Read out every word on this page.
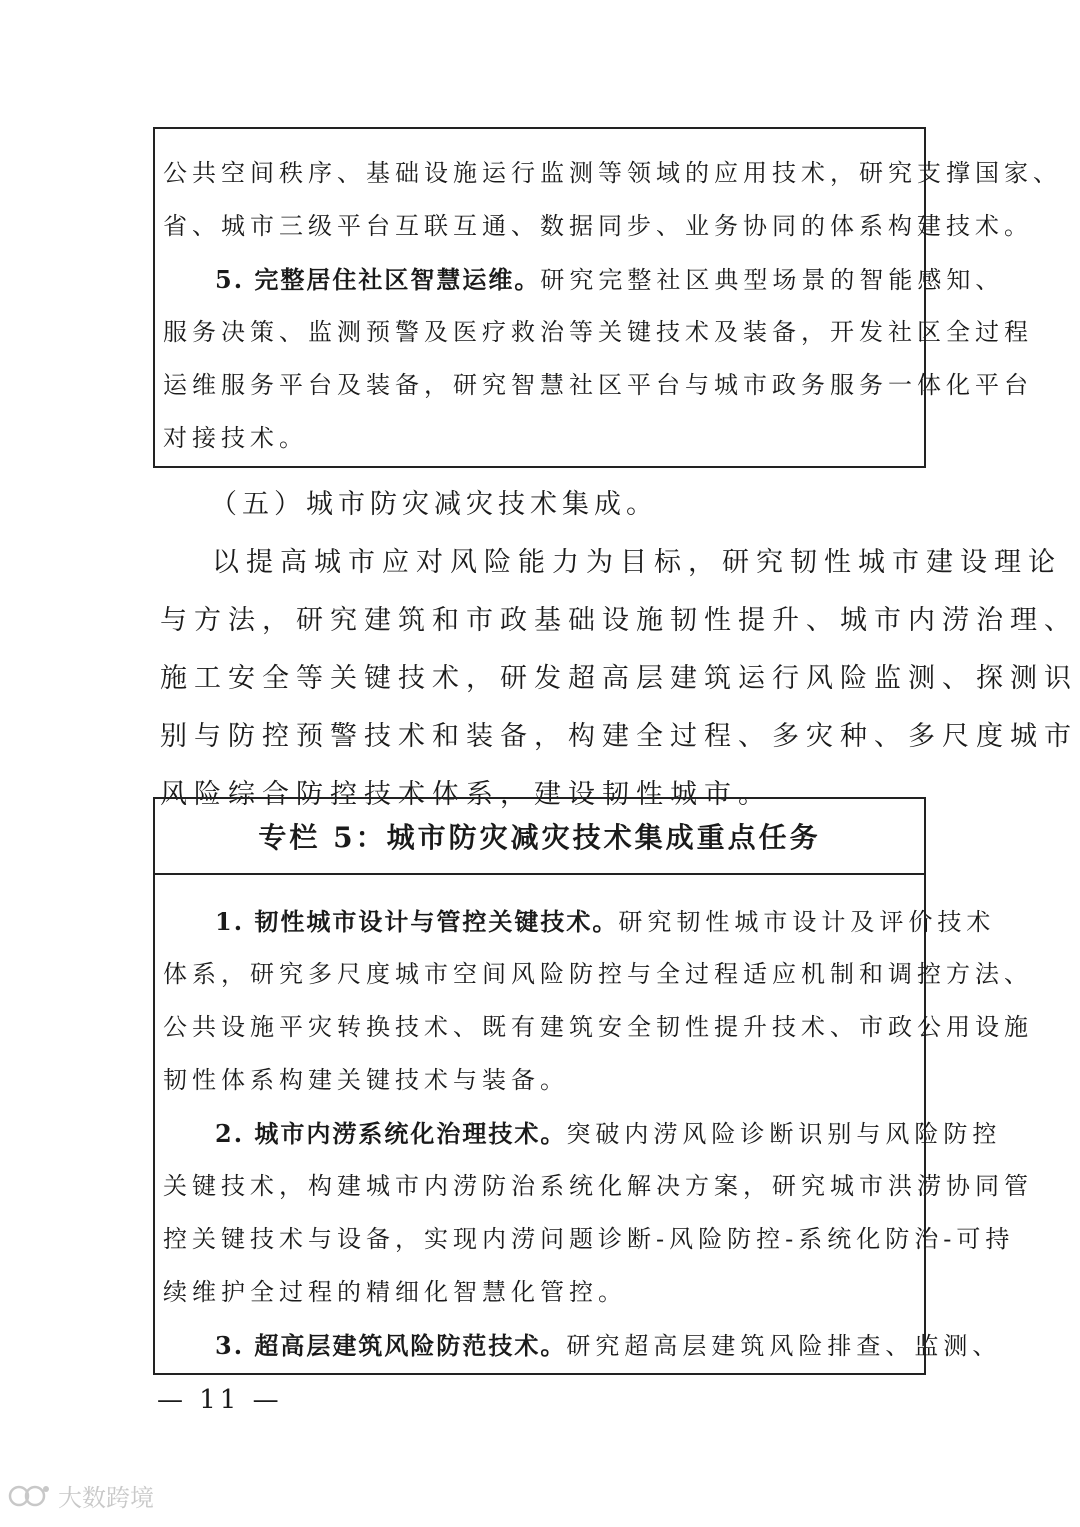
公共空间秩序、基础设施运行监测等领域的应用技术，研究支撑国家、
省、城市三级平台互联互通、数据同步、业务协同的体系构建技术。
5. 完整居住社区智慧运维。研究完整社区典型场景的智能感知、
服务决策、监测预警及医疗救治等关键技术及装备，开发社区全过程
运维服务平台及装备，研究智慧社区平台与城市政务服务一体化平台
对接技术。
（五）城市防灾减灾技术集成。
以提高城市应对风险能力为目标，研究韧性城市建设理论
与方法，研究建筑和市政基础设施韧性提升、城市内涝治理、
施工安全等关键技术，研发超高层建筑运行风险监测、探测识
别与防控预警技术和装备，构建全过程、多灾种、多尺度城市
风险综合防控技术体系，建设韧性城市。
专栏 5：城市防灾减灾技术集成重点任务
1. 韧性城市设计与管控关键技术。研究韧性城市设计及评价技术
体系，研究多尺度城市空间风险防控与全过程适应机制和调控方法、
公共设施平灾转换技术、既有建筑安全韧性提升技术、市政公用设施
韧性体系构建关键技术与装备。
2. 城市内涝系统化治理技术。突破内涝风险诊断识别与风险防控
关键技术，构建城市内涝防治系统化解决方案，研究城市洪涝协同管
控关键技术与设备，实现内涝问题诊断-风险防控-系统化防治-可持
续维护全过程的精细化智慧化管控。
3. 超高层建筑风险防范技术。研究超高层建筑风险排查、监测、
— 11 —
大数跨境
